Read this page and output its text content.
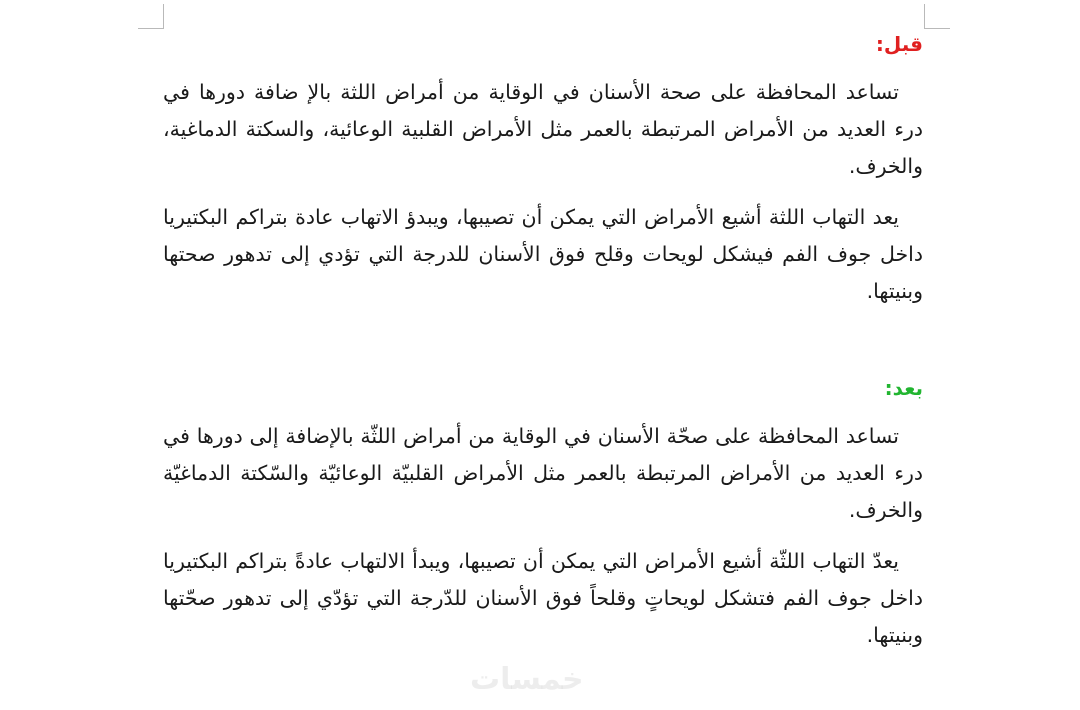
قبل:

تساعد المحافظة على صحة الأسنان في الوقاية من أمراض اللثة بالإ ضافة دورها في درء العديد من الأمراض المرتبطة بالعمر مثل الأمراض القلبية الوعائية، والسكتة الدماغية، والخرف.

يعد التهاب اللثة أشيع الأمراض التي يمكن أن تصيبها، ويبدؤ الاتهاب عادة بتراكم البكتيريا داخل جوف الفم فيشكل لويحات وقلح فوق الأسنان للدرجة التي تؤدي إلى تدهور صحتها وبنيتها.

بعد:

تساعد المحافظة على صحّة الأسنان في الوقاية من أمراض اللثّة بالإضافة إلى دورها في درء العديد من الأمراض المرتبطة بالعمر مثل الأمراض القلبيّة الوعائيّة والسّكتة الدماغيّة والخرف.

يعدّ التهاب اللثّة أشيع الأمراض التي يمكن أن تصيبها، ويبدأ الالتهاب عادةً بتراكم البكتيريا داخل جوف الفم فتشكل لويحاتٍ وقلحاً فوق الأسنان للدّرجة التي تؤدّي إلى تدهور صحّتها وبنيتها.

خمسات
